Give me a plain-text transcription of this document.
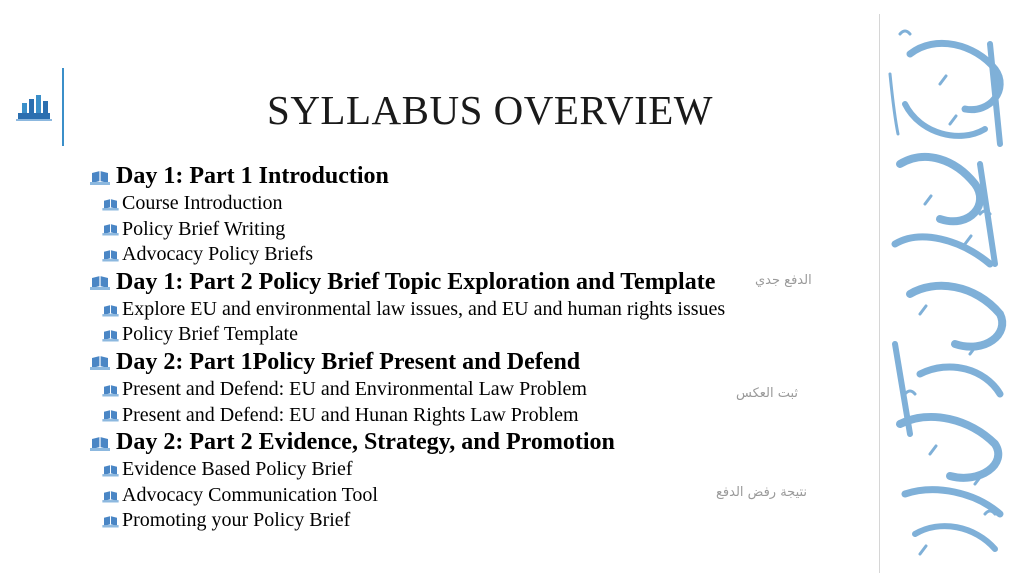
SYLLABUS OVERVIEW
Day 1: Part 1 Introduction
Course Introduction
Policy Brief Writing
Advocacy Policy Briefs
Day 1: Part 2 Policy Brief Topic Exploration and Template
Explore EU and environmental law issues, and EU and human rights issues
Policy Brief Template
Day 2: Part 1Policy Brief Present and Defend
Present and Defend: EU and Environmental Law Problem
Present and Defend: EU and Hunan Rights Law Problem
Day 2: Part 2 Evidence, Strategy, and Promotion
Evidence Based Policy Brief
Advocacy Communication Tool
Promoting your Policy Brief
الدفع جدي
ثبت العكس
نتيجة رفض الدفع
